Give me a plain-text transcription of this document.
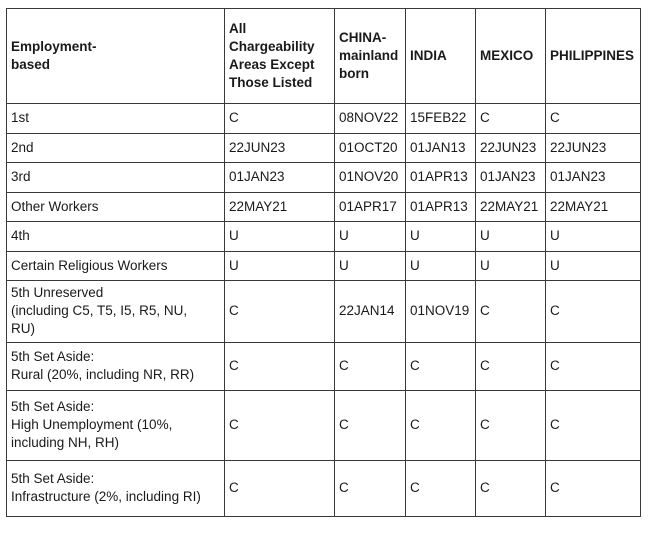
Employment-
based	All
Chargeability
Areas Except
Those Listed	CHINA-
mainland
born	INDIA	MEXICO	PHILIPPINES
1st	C	08NOV22	15FEB22	C	C
2nd	22JUN23	01OCT20	01JAN13	22JUN23	22JUN23
3rd	01JAN23	01NOV20	01APR13	01JAN23	01JAN23
Other Workers	22MAY21	01APR17	01APR13	22MAY21	22MAY21
4th	U	U	U	U	U
Certain Religious Workers	U	U	U	U	U
5th Unreserved
(including C5, T5, I5, R5, NU,
RU)	C	22JAN14	01NOV19	C	C
5th Set Aside:
Rural (20%, including NR, RR)	C	C	C	C	C
5th Set Aside:
High Unemployment (10%,
including NH, RH)	C	C	C	C	C
5th Set Aside:
Infrastructure (2%, including RI)	C	C	C	C	C
